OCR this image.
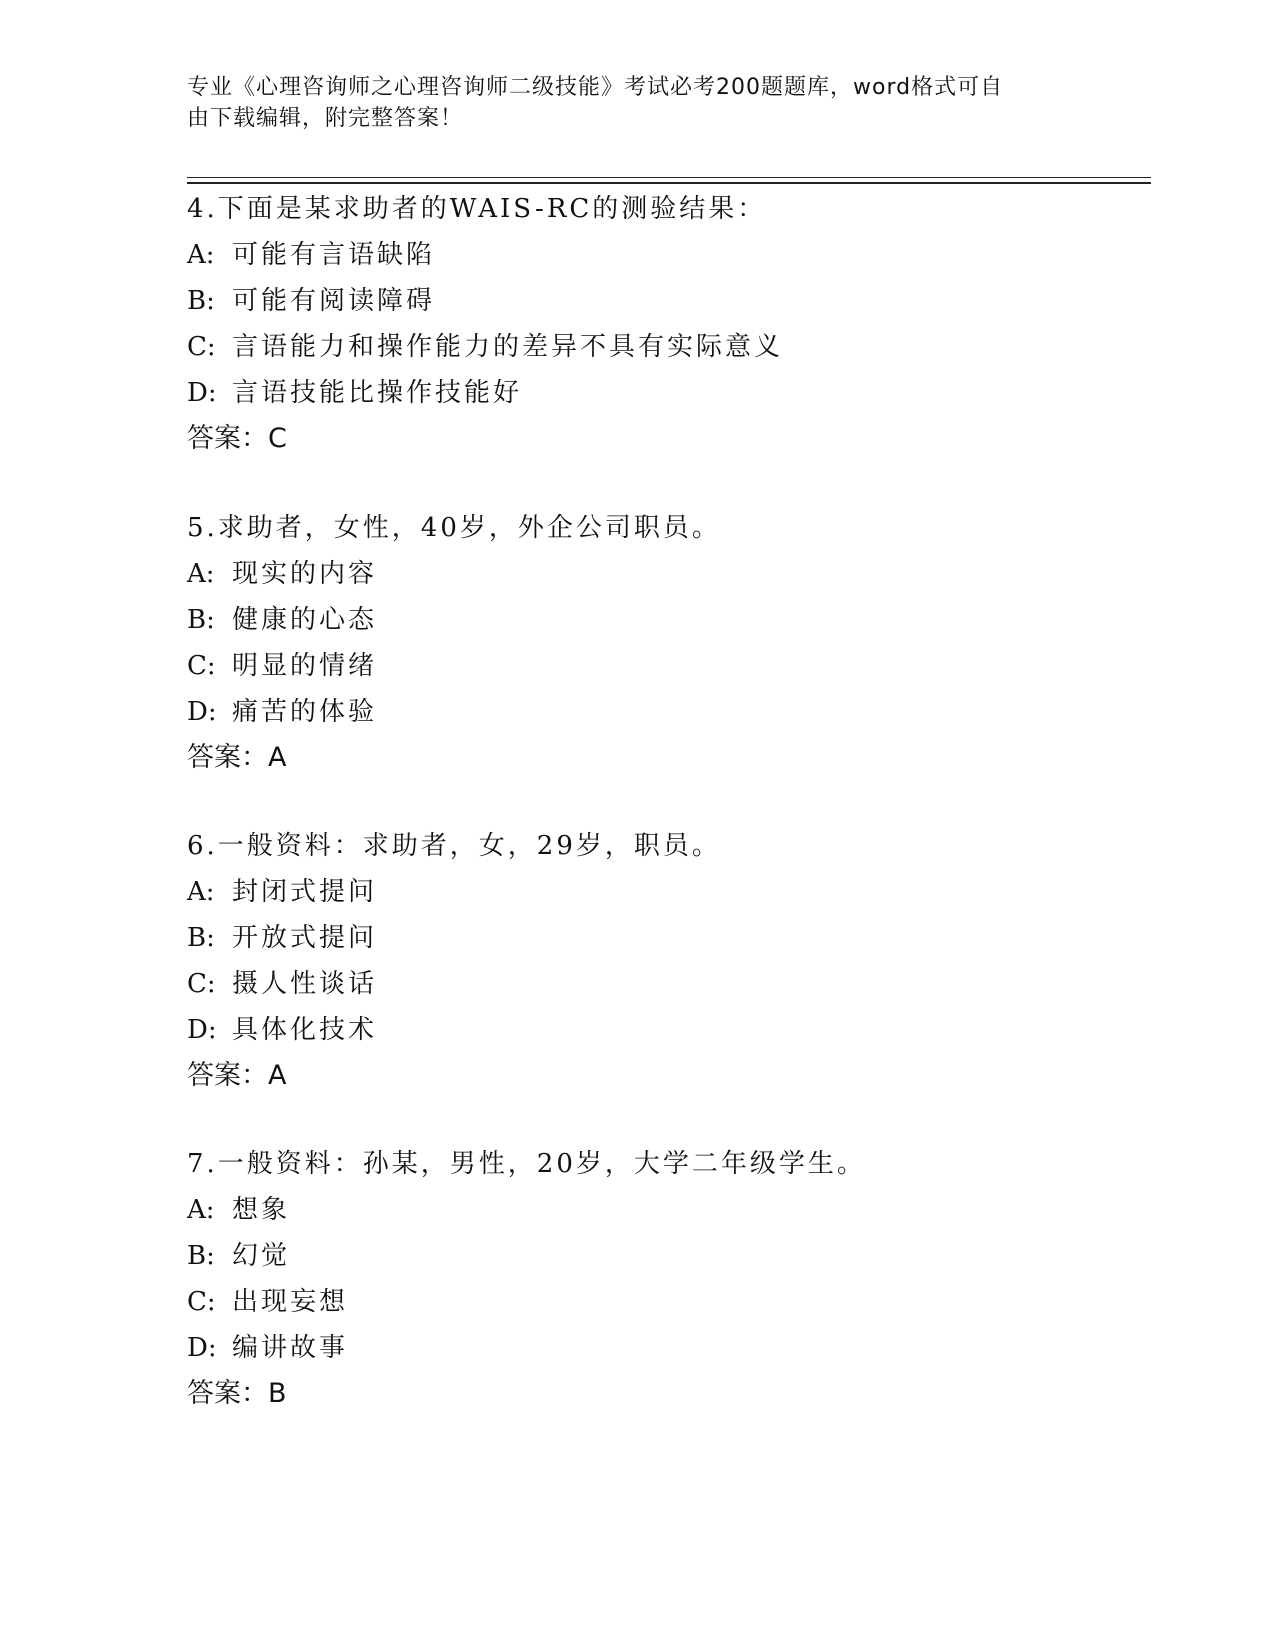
专业《心理咨询师之心理咨询师二级技能》考试必考200题题库，word格式可自
由下载编辑，附完整答案！
4.下面是某求助者的WAIS-RC的测验结果：
A: 可能有言语缺陷
B: 可能有阅读障碍
C: 言语能力和操作能力的差异不具有实际意义
D: 言语技能比操作技能好
答案：C
5.求助者，女性，40岁，外企公司职员。
A: 现实的内容
B: 健康的心态
C: 明显的情绪
D: 痛苦的体验
答案：A
6.一般资料：求助者，女，29岁，职员。
A: 封闭式提问
B: 开放式提问
C: 摄人性谈话
D: 具体化技术
答案：A
7.一般资料：孙某，男性，20岁，大学二年级学生。
A: 想象
B: 幻觉
C: 出现妄想
D: 编讲故事
答案：B
